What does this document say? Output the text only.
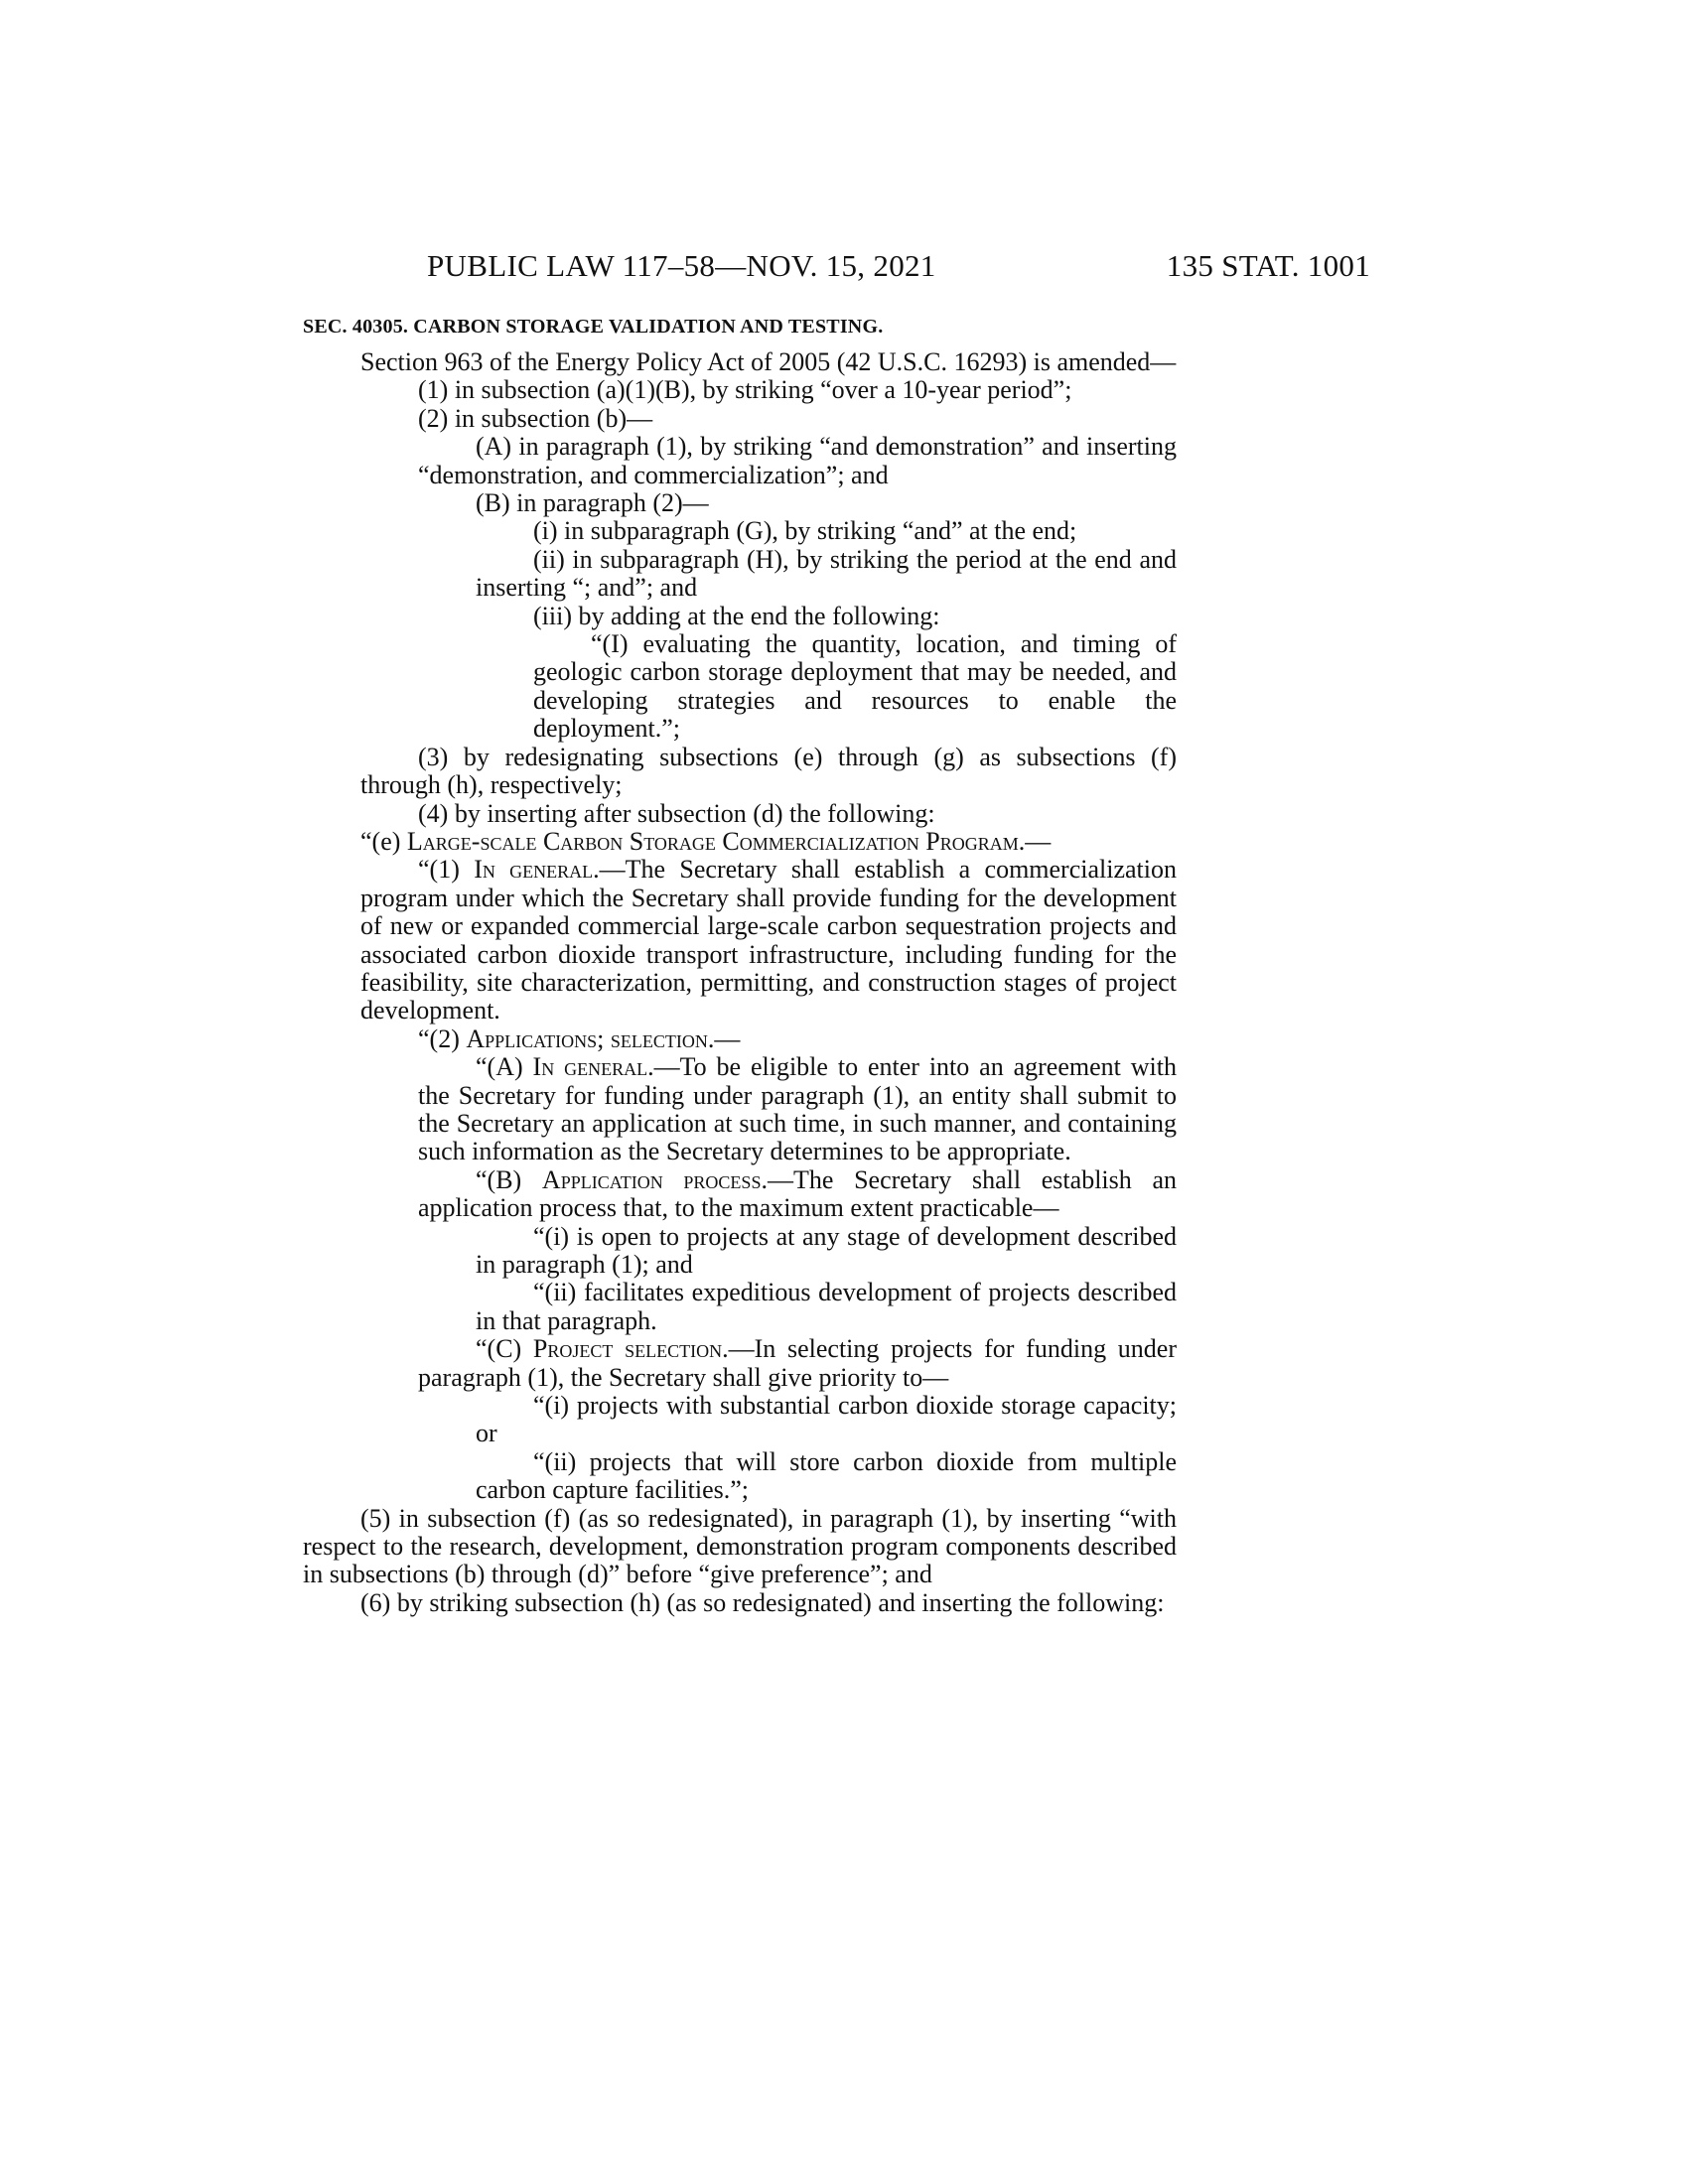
PUBLIC LAW 117–58—NOV. 15, 2021	135 STAT. 1001
SEC. 40305. CARBON STORAGE VALIDATION AND TESTING.

Section 963 of the Energy Policy Act of 2005 (42 U.S.C. 16293) is amended—

(1) in subsection (a)(1)(B), by striking “over a 10-year period”;

(2) in subsection (b)—

(A) in paragraph (1), by striking “and demonstration” and inserting “demonstration, and commercialization”; and

(B) in paragraph (2)—

(i) in subparagraph (G), by striking “and” at the end;

(ii) in subparagraph (H), by striking the period at the end and inserting “; and”; and

(iii) by adding at the end the following:

“(I) evaluating the quantity, location, and timing of geologic carbon storage deployment that may be needed, and developing strategies and resources to enable the deployment.”;

(3) by redesignating subsections (e) through (g) as subsections (f) through (h), respectively;

(4) by inserting after subsection (d) the following:

“(e) Large-scale Carbon Storage Commercialization Program.—

“(1) In general.—The Secretary shall establish a commercialization program under which the Secretary shall provide funding for the development of new or expanded commercial large-scale carbon sequestration projects and associated carbon dioxide transport infrastructure, including funding for the feasibility, site characterization, permitting, and construction stages of project development.

“(2) Applications; selection.—

“(A) In general.—To be eligible to enter into an agreement with the Secretary for funding under paragraph (1), an entity shall submit to the Secretary an application at such time, in such manner, and containing such information as the Secretary determines to be appropriate.

“(B) Application process.—The Secretary shall establish an application process that, to the maximum extent practicable—

“(i) is open to projects at any stage of development described in paragraph (1); and

“(ii) facilitates expeditious development of projects described in that paragraph.

“(C) Project selection.—In selecting projects for funding under paragraph (1), the Secretary shall give priority to—

“(i) projects with substantial carbon dioxide storage capacity; or

“(ii) projects that will store carbon dioxide from multiple carbon capture facilities.”;

(5) in subsection (f) (as so redesignated), in paragraph (1), by inserting “with respect to the research, development, demonstration program components described in subsections (b) through (d)” before “give preference”; and

(6) by striking subsection (h) (as so redesignated) and inserting the following:
